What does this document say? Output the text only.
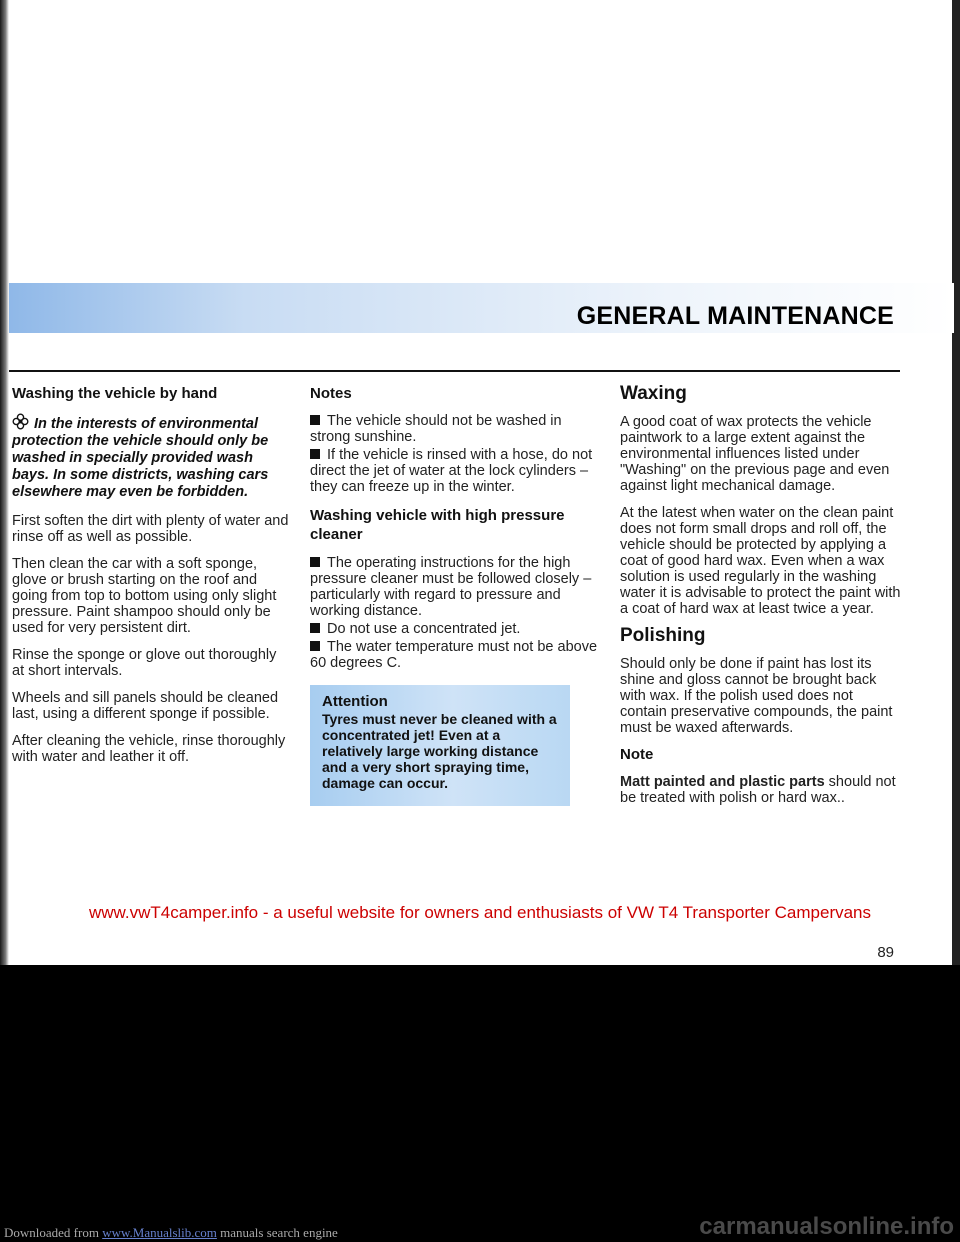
GENERAL MAINTENANCE
Washing the vehicle by hand

In the interests of environmental protection the vehicle should only be washed in specially provided wash bays. In some districts, washing cars elsewhere may even be forbidden.

First soften the dirt with plenty of water and rinse off as well as possible.

Then clean the car with a soft sponge, glove or brush starting on the roof and going from top to bottom using only slight pressure. Paint shampoo should only be used for very persistent dirt.

Rinse the sponge or glove out thoroughly at short intervals.

Wheels and sill panels should be cleaned last, using a different sponge if possible.

After cleaning the vehicle, rinse thoroughly with water and leather it off.

Notes

The vehicle should not be washed in strong sunshine.

If the vehicle is rinsed with a hose, do not direct the jet of water at the lock cylinders – they can freeze up in the winter.

Washing vehicle with high pressure cleaner

The operating instructions for the high pressure cleaner must be followed closely – particularly with regard to pressure and working distance.

Do not use a concentrated jet.

The water temperature must not be above 60 degrees C.

Attention

Tyres must never be cleaned with a concentrated jet! Even at a relatively large working distance and a very short spraying time, damage can occur.

Waxing

A good coat of wax protects the vehicle paintwork to a large extent against the environmental influences listed under "Washing" on the previous page and even against light mechanical damage.

At the latest when water on the clean paint does not form small drops and roll off, the vehicle should be protected by applying a coat of good hard wax. Even when a wax solution is used regularly in the washing water it is advisable to protect the paint with a coat of hard wax at least twice a year.

Polishing

Should only be done if paint has lost its shine and gloss cannot be brought back with wax. If the polish used does not contain preservative compounds, the paint must be waxed afterwards.

Note

Matt painted and plastic parts should not be treated with polish or hard wax..

www.vwT4camper.info - a useful website for owners and enthusiasts of VW T4 Transporter Campervans
89
Downloaded from www.Manualslib.com manuals search engine	carmanualsonline.info
